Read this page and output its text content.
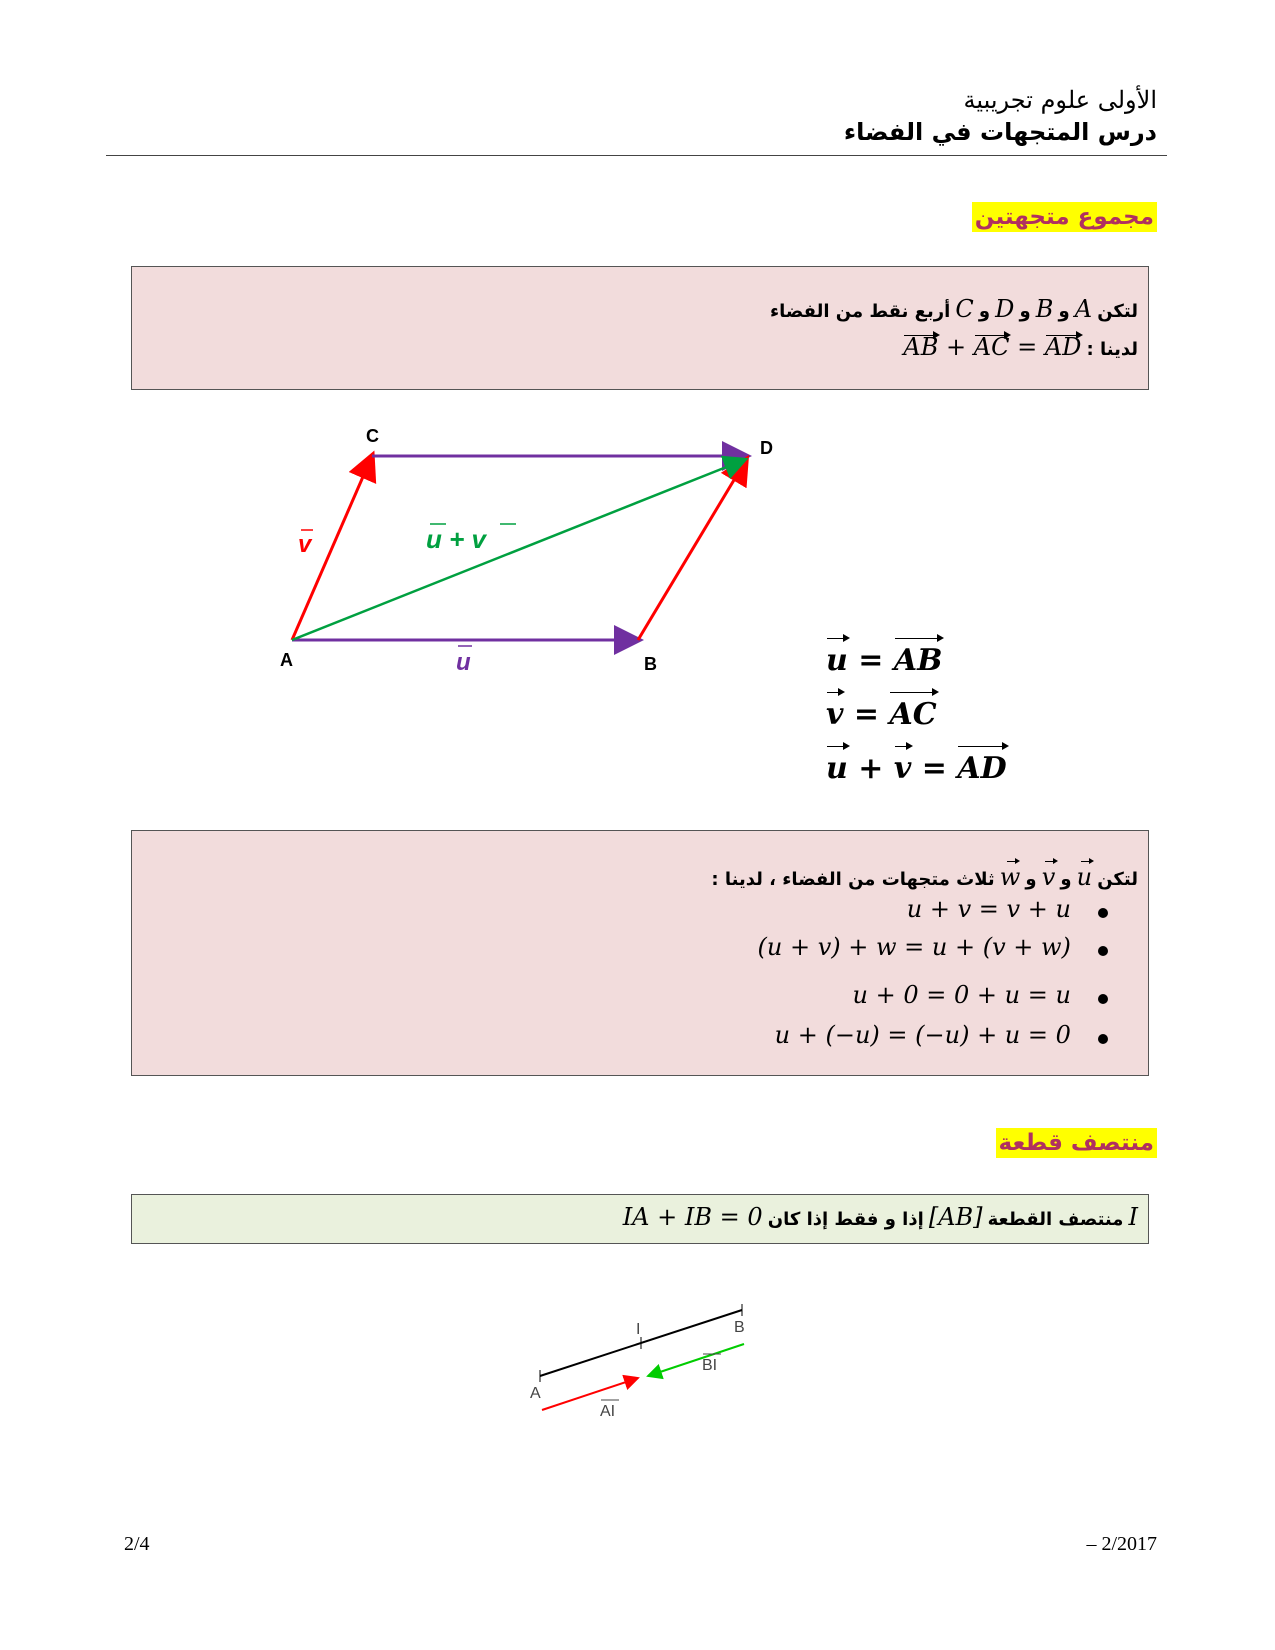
الأولى علوم تجريبية
درس المتجهات في الفضاء
مجموع متجهتين
لتكن A و B و D و C أربع نقط من الفضاء
لدينا : AB + AC = AD
C
D
A	B
v
u
u + v
u = AB
v = AC
u + v = AD
لتكن u و v و w ثلاث متجهات من الفضاء ، لدينا :
u + v = v + u
(u + v) + w = u + (v + w)
u + 0 = 0 + u = u
u + (−u) = (−u) + u = 0
منتصف قطعة
I منتصف القطعة [AB] إذا و فقط إذا كان IA + IB = 0
A
B
I
AI
BI
2/4	– 2/2017
